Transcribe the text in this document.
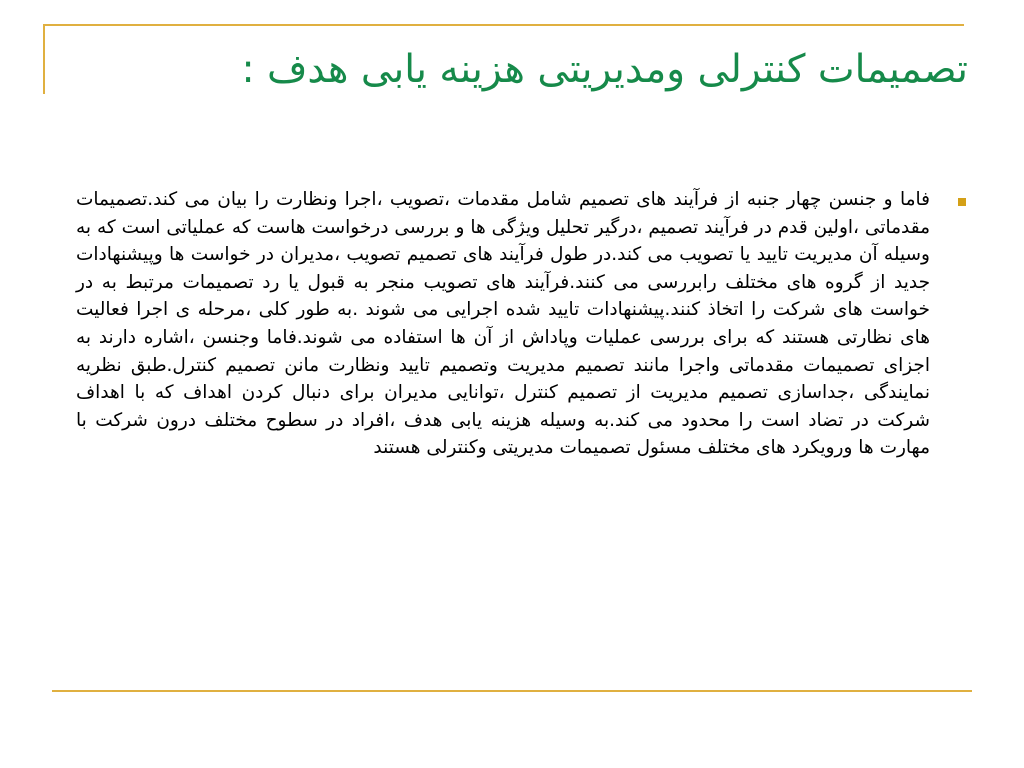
تصمیمات کنترلی ومدیریتی هزینه یابی هدف :
فاما و جنسن چهار جنبه از فرآیند های تصمیم شامل مقدمات ،تصویب ،اجرا ونظارت را بیان می کند.تصمیمات مقدماتی ،اولین قدم در فرآیند تصمیم ،درگیر تحلیل ویژگی ها و بررسی درخواست هاست که عملیاتی است که به وسیله آن مدیریت تایید یا تصویب می کند.در طول فرآیند های تصمیم تصویب ،مدیران در خواست ها وپیشنهادات جدید از گروه های مختلف رابررسی می کنند.فرآیند های تصویب منجر به قبول یا رد تصمیمات مرتبط به در خواست های شرکت را اتخاذ کنند.پیشنهادات تایید شده اجرایی می شوند .به طور کلی ،مرحله ی اجرا فعالیت های نظارتی هستند که برای بررسی عملیات وپاداش از آن ها استفاده می شوند.فاما وجنسن ،اشاره دارند به اجزای تصمیمات مقدماتی واجرا مانند تصمیم مدیریت وتصمیم تایید ونظارت مانن تصمیم کنترل.طبق نظریه نمایندگی ،جداسازی تصمیم مدیریت از تصمیم کنترل ،توانایی مدیران برای دنبال کردن اهداف که با اهداف شرکت در تضاد است را محدود می کند.به وسیله هزینه یابی هدف ،افراد در سطوح مختلف درون شرکت با مهارت ها ورویکرد های مختلف مسئول تصمیمات مدیریتی وکنترلی هستند
